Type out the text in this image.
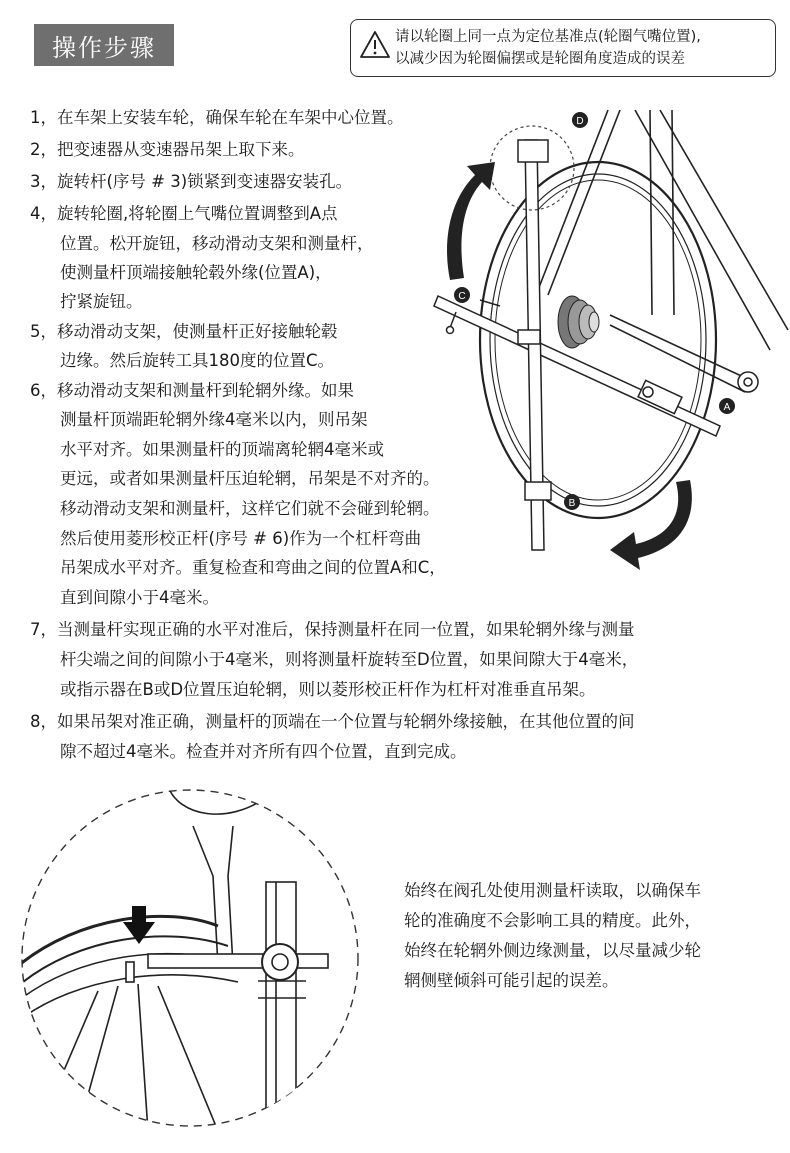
操作步骤	请以轮圈上同一点为定位基准点(轮圈气嘴位置),
以减少因为轮圈偏摆或是轮圈角度造成的误差
1，在车架上安装车轮，确保车轮在车架中心位置。
2，把变速器从变速器吊架上取下来。
3，旋转杆(序号 # 3)锁紧到变速器安装孔。
4，旋转轮圈,将轮圈上气嘴位置调整到A点
位置。松开旋钮，移动滑动支架和测量杆，
使测量杆顶端接触轮毂外缘(位置A)，
拧紧旋钮。
5，移动滑动支架，使测量杆正好接触轮毂
边缘。然后旋转工具180度的位置C。
6，移动滑动支架和测量杆到轮辋外缘。如果
测量杆顶端距轮辋外缘4毫米以内，则吊架
水平对齐。如果测量杆的顶端离轮辋4毫米或
更远，或者如果测量杆压迫轮辋，吊架是不对齐的。
移动滑动支架和测量杆，这样它们就不会碰到轮辋。
然后使用菱形校正杆(序号 # 6)作为一个杠杆弯曲
吊架成水平对齐。重复检查和弯曲之间的位置A和C，
直到间隙小于4毫米。
7，当测量杆实现正确的水平对准后，保持测量杆在同一位置，如果轮辋外缘与测量
杆尖端之间的间隙小于4毫米，则将测量杆旋转至D位置，如果间隙大于4毫米，
或指示器在B或D位置压迫轮辋，则以菱形校正杆作为杠杆对准垂直吊架。
8，如果吊架对准正确，测量杆的顶端在一个位置与轮辋外缘接触，在其他位置的间
隙不超过4毫米。检查并对齐所有四个位置，直到完成。
A
B
C
D
始终在阀孔处使用测量杆读取，以确保车
轮的准确度不会影响工具的精度。此外，
始终在轮辋外侧边缘测量，以尽量减少轮
辋侧壁倾斜可能引起的误差。
